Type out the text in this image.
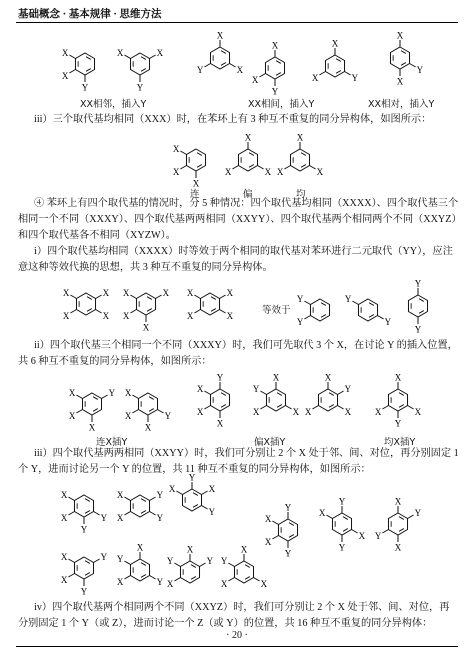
基础概念 · 基本规律 · 思维方法
Y
X
X	X
Y
X
X
X
Y
X
Y
X
X
Y
X
X
Y
X
X
X
X
X
X
X
X
X
X
X
X
X
X	X
X
X
X	X
X
X
X
Y
Y
Y
Y
Y
Y
Y
X
X
X
Y
X
X
X
Y
X
X
X
X
X
X
Y
X
Y
X
X
X
X
Y
X
Y
Y
X
X	Y
Y
X
X
Y
X
Y
X
Y
Y
X
X
Y
X
Y
X
X
Y
X
Y
Y
Y
X
X
X
Y
X
Y
X
Y
X
Y
X
X
X
Y
XX相邻，插入Y	XX相间，插入Y	XX相对，插入Y
iii）三个取代基均相同（XXX）时，在苯环上有 3 种互不重复的同分异构体，如图所示：
连	偏	均
④ 苯环上有四个取代基的情况时，分 5 种情况：四个取代基均相同（XXXX）、四个取代基三个
相同一个不同（XXXY）、四个取代基两两相同（XXYY）、四个取代基两个相同两个不同（XXYZ）
和四个取代基各不相同（XYZW）。
i）四个取代基均相同（XXXX）时等效于两个相同的取代基对苯环进行二元取代（YY），应注
意这种等效代换的思想，共 3 种互不重复的同分异构体。
等效于
ii）四个取代基三个相同一个不同（XXXY）时，我们可先取代 3 个 X，在讨论 Y 的插入位置，
共 6 种互不重复的同分异构体，如图所示：
连X插Y	偏X插Y	均X插Y
iii）四个取代基两两相同（XXYY）时，我们可分别让 2 个 X 处于邻、间、对位，再分别固定 1
个 Y，进而讨论另一个 Y 的位置，共 11 种互不重复的同分异构体，如图所示：
iv）四个取代基两个相同两个不同（XXYZ）时，我们可分别让 2 个 X 处于邻、间、对位，再
分别固定 1 个 Y（或 Z），进而讨论一个 Z（或 Y）的位置，共 16 种互不重复的同分异构体：
· 20 ·
